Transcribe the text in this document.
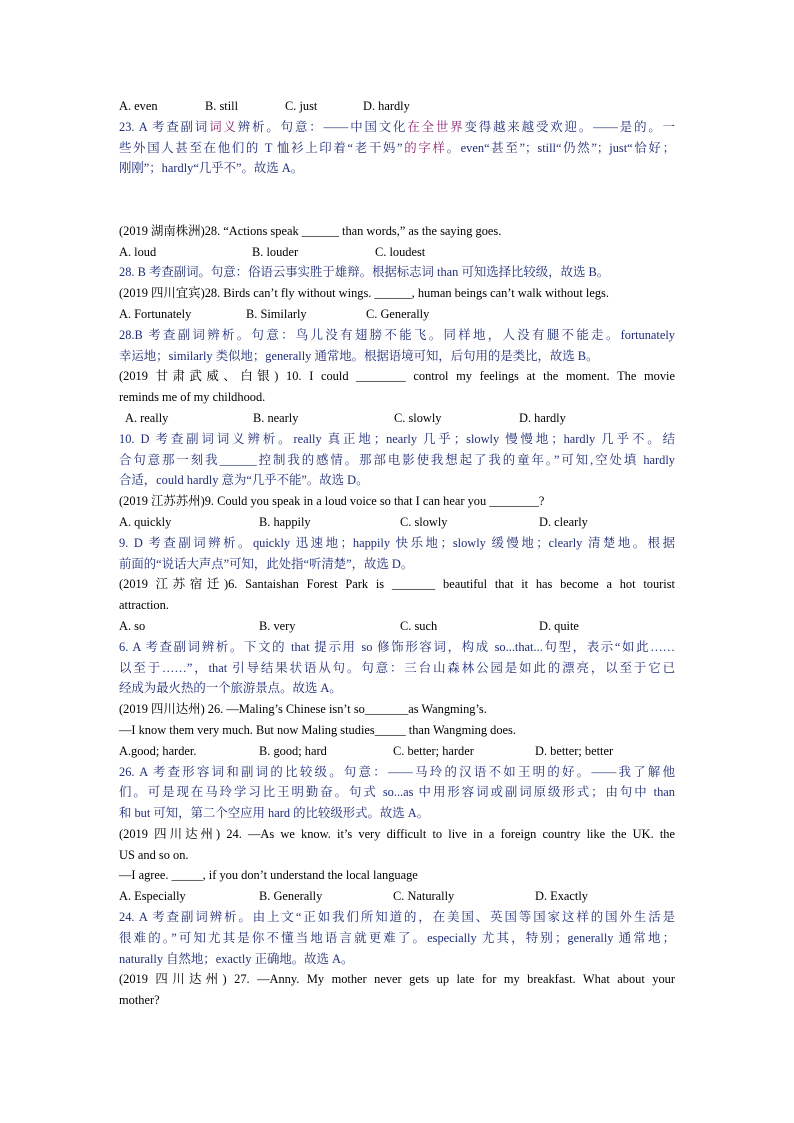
A. even	B. still	C. just	D. hardly
23. A 考查副词词义辨析。句意：——中国文化在全世界变得越来越受欢迎。——是的。一
些外国人甚至在他们的 T 恤衫上印着“老干妈”的字样。even“甚至”；still“仍然”；just“恰好；
刚刚”；hardly“几乎不”。故选 A。
(2019 湖南株洲)28. “Actions speak ______ than words,” as the saying goes.
A. loud	B. louder	C. loudest
28. B 考查副词。句意：俗语云事实胜于雄辩。根据标志词 than 可知选择比较级，故选 B。
(2019 四川宜宾)28. Birds can’t fly without wings. ______, human beings can’t walk without legs.
A. Fortunately	B. Similarly	C. Generally
28.B 考查副词辨析。句意：鸟儿没有翅膀不能飞。同样地，人没有腿不能走。fortunately
幸运地；similarly 类似地；generally 通常地。根据语境可知，后句用的是类比，故选 B。
(2019 甘肃武威、白银) 10. I could ________ control my feelings at the moment. The movie
reminds me of my childhood.
A. really	B. nearly	C. slowly	D. hardly
10. D 考查副词词义辨析。really 真正地；nearly 几乎；slowly 慢慢地；hardly 几乎不。结
合句意那一刻我______控制我的感情。那部电影使我想起了我的童年。”可知,空处填 hardly
合适，could hardly 意为“几乎不能”。故选 D。
(2019 江苏苏州)9. Could you speak in a loud voice so that I can hear you ________?
A. quickly	B. happily	C. slowly	D. clearly
9. D 考查副词辨析。quickly 迅速地；happily 快乐地；slowly 缓慢地；clearly 清楚地。根据
前面的“说话大声点”可知，此处指“听清楚”，故选 D。
(2019 江苏宿迁)6. Santaishan Forest Park is _______ beautiful that it has become a hot tourist
attraction.
A. so	B. very	C. such	D. quite
6. A 考查副词辨析。下文的 that 提示用 so 修饰形容词，构成 so...that...句型，表示“如此……
以至于……”，that 引导结果状语从句。句意：三台山森林公园是如此的漂亮，以至于它已
经成为最火热的一个旅游景点。故选 A。
(2019 四川达州) 26. —Maling’s Chinese isn’t so_______as Wangming’s.
—I know them very much. But now Maling studies_____ than Wangming does.
A.good; harder.	B. good; hard	C. better; harder	D. better; better
26. A 考查形容词和副词的比较级。句意：——马玲的汉语不如王明的好。——我了解他
们。可是现在马玲学习比王明勤奋。句式 so...as 中用形容词或副词原级形式；由句中 than
和 but 可知，第二个空应用 hard 的比较级形式。故选 A。
(2019 四川达州) 24. —As we know. it’s very difficult to live in a foreign country like the UK. the
US and so on.
—I agree. _____, if you don’t understand the local language
A. Especially	B. Generally	C. Naturally	D. Exactly
24. A 考查副词辨析。由上文“正如我们所知道的，在美国、英国等国家这样的国外生活是
很难的。”可知尤其是你不懂当地语言就更难了。especially 尤其，特别；generally 通常地；
naturally 自然地；exactly 正确地。故选 A。
(2019 四川达州) 27. —Anny. My mother never gets up late for my breakfast. What about your
mother?
